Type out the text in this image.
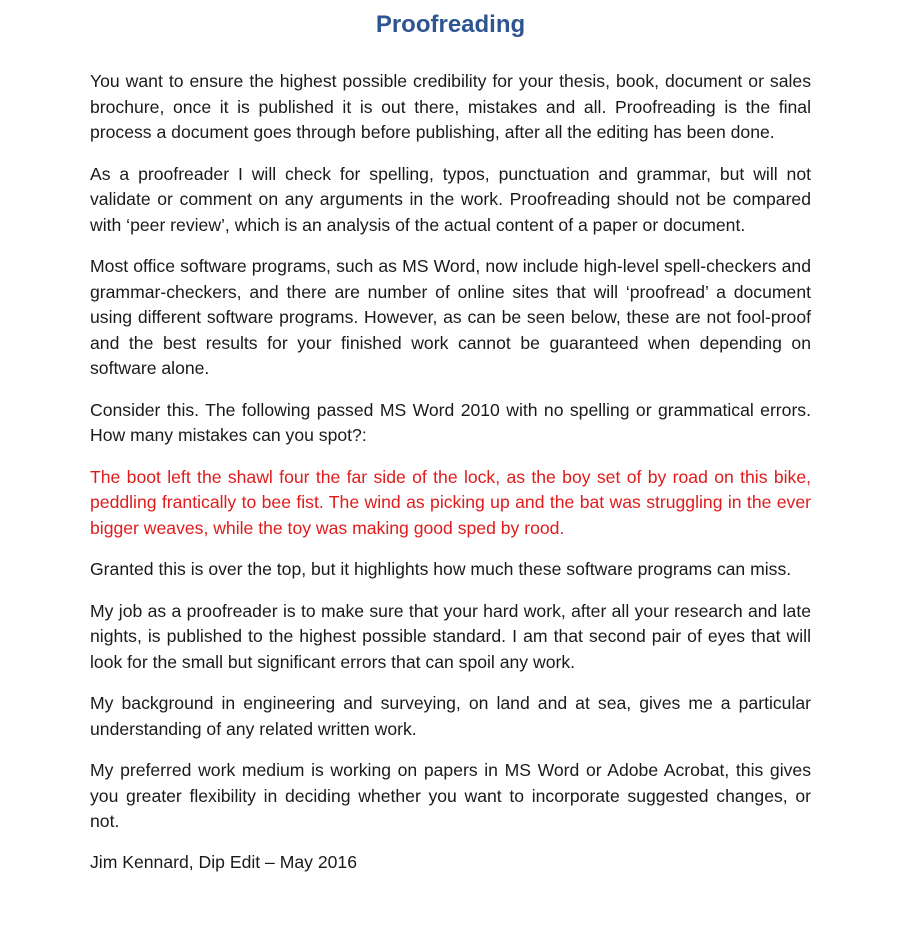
Proofreading

You want to ensure the highest possible credibility for your thesis, book, document or sales brochure, once it is published it is out there, mistakes and all. Proofreading is the final process a document goes through before publishing, after all the editing has been done.

As a proofreader I will check for spelling, typos, punctuation and grammar, but will not validate or comment on any arguments in the work. Proofreading should not be compared with ‘peer review’, which is an analysis of the actual content of a paper or document.

Most office software programs, such as MS Word, now include high-level spell-checkers and grammar-checkers, and there are number of online sites that will ‘proofread’ a document using different software programs. However, as can be seen below, these are not fool-proof and the best results for your finished work cannot be guaranteed when depending on software alone.

Consider this. The following passed MS Word 2010 with no spelling or grammatical errors. How many mistakes can you spot?:

The boot left the shawl four the far side of the lock, as the boy set of by road on this bike, peddling frantically to bee fist. The wind as picking up and the bat was struggling in the ever bigger weaves, while the toy was making good sped by rood.

Granted this is over the top, but it highlights how much these software programs can miss.

My job as a proofreader is to make sure that your hard work, after all your research and late nights, is published to the highest possible standard. I am that second pair of eyes that will look for the small but significant errors that can spoil any work.

My background in engineering and surveying, on land and at sea, gives me a particular understanding of any related written work.

My preferred work medium is working on papers in MS Word or Adobe Acrobat, this gives you greater flexibility in deciding whether you want to incorporate suggested changes, or not.

Jim Kennard, Dip Edit – May 2016
